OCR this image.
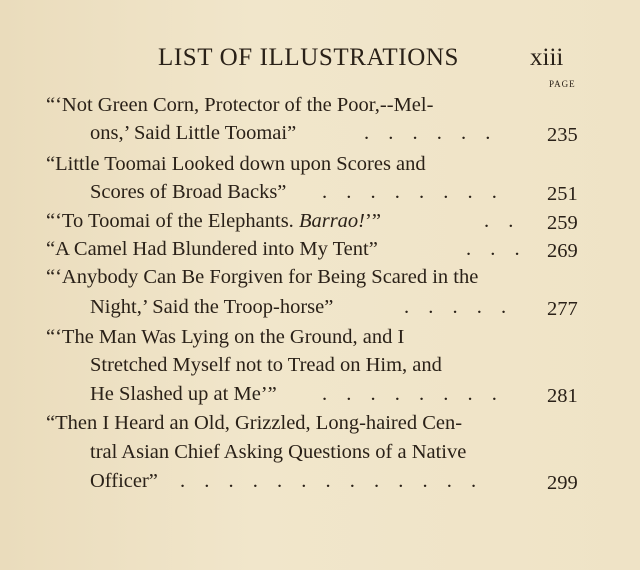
LIST OF ILLUSTRATIONS	xiii
PAGE
“‘Not Green Corn, Protector of the Poor,--Mel-
ons,’ Said Little Toomai”	. . . . . . 235
“Little Toomai Looked down upon Scores and
Scores of Broad Backs” . . . . . . . . 251
“‘To Toomai of the Elephants. Barrao!’”	. . 259
“A Camel Had Blundered into My Tent”	. . . 269
“‘Anybody Can Be Forgiven for Being Scared in the
Night,’ Said the Troop-horse”	. . . . . 277
“‘The Man Was Lying on the Ground, and I
Stretched Myself not to Tread on Him, and
He Slashed up at Me’” . . . . . . . . 281
“Then I Heard an Old, Grizzled, Long-haired Cen-
tral Asian Chief Asking Questions of a Native
Officer” . . . . . . . . . . . . .	299
